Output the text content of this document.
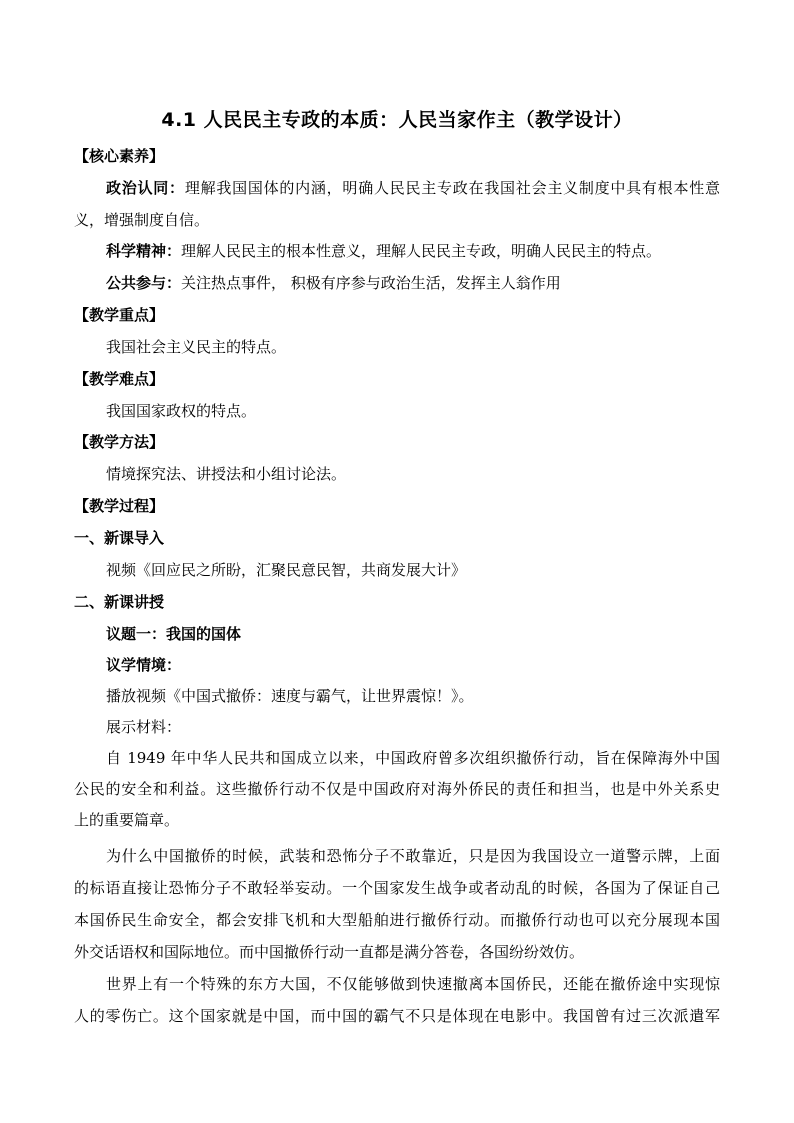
4.1 人民民主专政的本质：人民当家作主（教学设计）
【核心素养】
政治认同：理解我国国体的内涵，明确人民民主专政在我国社会主义制度中具有根本性意
义，增强制度自信。
科学精神：理解人民民主的根本性意义，理解人民民主专政，明确人民民主的特点。
公共参与：关注热点事件， 积极有序参与政治生活，发挥主人翁作用
【教学重点】
我国社会主义民主的特点。
【教学难点】
我国国家政权的特点。
【教学方法】
情境探究法、讲授法和小组讨论法。
【教学过程】
一、新课导入
视频《回应民之所盼，汇聚民意民智，共商发展大计》
二、新课讲授
议题一：我国的国体
议学情境：
播放视频《中国式撤侨：速度与霸气，让世界震惊！》。
展示材料：
自 1949 年中华人民共和国成立以来，中国政府曾多次组织撤侨行动，旨在保障海外中国
公民的安全和利益。这些撤侨行动不仅是中国政府对海外侨民的责任和担当，也是中外关系史
上的重要篇章。
为什么中国撤侨的时候，武装和恐怖分子不敢靠近，只是因为我国设立一道警示牌，上面
的标语直接让恐怖分子不敢轻举妄动。一个国家发生战争或者动乱的时候，各国为了保证自己
本国侨民生命安全，都会安排飞机和大型船舶进行撤侨行动。而撤侨行动也可以充分展现本国
外交话语权和国际地位。而中国撤侨行动一直都是满分答卷，各国纷纷效仿。
世界上有一个特殊的东方大国，不仅能够做到快速撤离本国侨民，还能在撤侨途中实现惊
人的零伤亡。这个国家就是中国，而中国的霸气不只是体现在电影中。我国曾有过三次派遣军
